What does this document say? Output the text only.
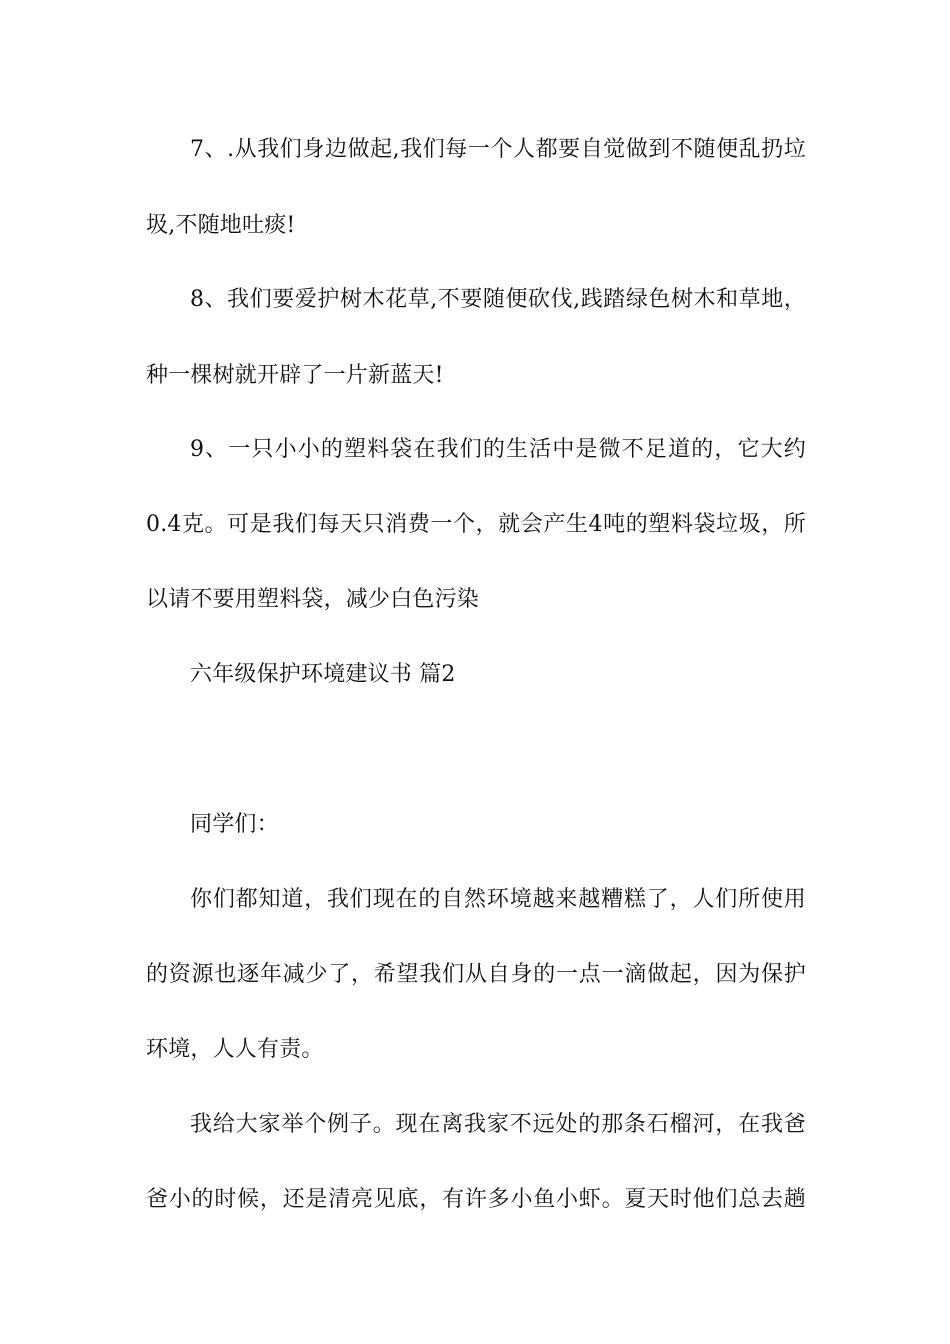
7、.从我们身边做起,我们每一个人都要自觉做到不随便乱扔垃
圾,不随地吐痰!
8、我们要爱护树木花草,不要随便砍伐,践踏绿色树木和草地，
种一棵树就开辟了一片新蓝天!
9、一只小小的塑料袋在我们的生活中是微不足道的，它大约
0.4克。可是我们每天只消费一个，就会产生4吨的塑料袋垃圾，所
以请不要用塑料袋，减少白色污染
六年级保护环境建议书 篇2
同学们：
你们都知道，我们现在的自然环境越来越糟糕了，人们所使用
的资源也逐年减少了，希望我们从自身的一点一滴做起，因为保护
环境，人人有责。
我给大家举个例子。现在离我家不远处的那条石榴河，在我爸
爸小的时候，还是清亮见底，有许多小鱼小虾。夏天时他们总去趟
